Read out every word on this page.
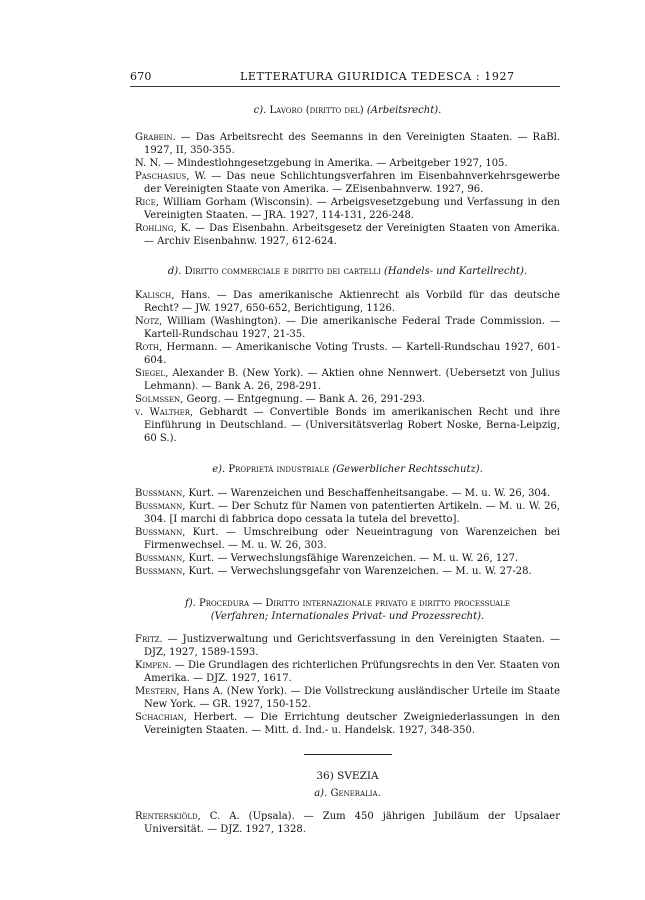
670	LETTERATURA GIURIDICA TEDESCA : 1927

c). Lavoro (diritto del) (Arbeitsrecht).

Grabein. — Das Arbeitsrecht des Seemanns in den Vereinigten Staaten. — RaBl. 1927, II, 350-355.

N. N. — Mindestlohngesetzgebung in Amerika. — Arbeitgeber 1927, 105.

Paschasius, W. — Das neue Schlichtungsverfahren im Eisenbahnverkehrsgewerbe der Vereinigten Staate von Amerika. — ZEisenbahnverw. 1927, 96.

Rice, William Gorham (Wisconsin). — Arbeigsvesetzgebung und Verfassung in den Vereinigten Staaten. — JRA. 1927, 114-131, 226-248.

Rohling, K. — Das Eisenbahn. Arbeitsgesetz der Vereinigten Staaten von Amerika. — Archiv Eisenbahnw. 1927, 612-624.

d). Diritto commerciale e diritto dei cartelli (Handels- und Kartellrecht).

Kalisch, Hans. — Das amerikanische Aktienrecht als Vorbild für das deutsche Recht? — JW. 1927, 650-652, Berichtigung, 1126.

Notz, William (Washington). — Die amerikanische Federal Trade Commission. — Kartell-Rundschau 1927, 21-35.

Roth, Hermann. — Amerikanische Voting Trusts. — Kartell-Rundschau 1927, 601-604.

Siegel, Alexander B. (New York). — Aktien ohne Nennwert. (Uebersetzt von Julius Lehmann). — Bank A. 26, 298-291.

Solmssen, Georg. — Entgegnung. — Bank A. 26, 291-293.

v. Walther, Gebhardt — Convertible Bonds im amerikanischen Recht und ihre Einführung in Deutschland. — (Universitätsverlag Robert Noske, Berna-Leipzig, 60 S.).

e). Proprietà industriale (Gewerblicher Rechtsschutz).

Bussmann, Kurt. — Warenzeichen und Beschaffenheitsangabe. — M. u. W. 26, 304.

Bussmann, Kurt. — Der Schutz für Namen von patentierten Artikeln. — M. u. W. 26, 304. [I marchi di fabbrica dopo cessata la tutela del brevetto].

Bussmann, Kurt. — Umschreibung oder Neueintragung von Warenzeichen bei Firmenwechsel. — M. u. W. 26, 303.

Bussmann, Kurt. — Verwechslungsfähige Warenzeichen. — M. u. W. 26, 127.

Bussmann, Kurt. — Verwechslungsgefahr von Warenzeichen. — M. u. W. 27-28.

f). Procedura — Diritto internazionale privato e diritto processuale
(Verfahren; Internationales Privat- und Prozessrecht).

Fritz. — Justizverwaltung und Gerichtsverfassung in den Vereinigten Staaten. — DJZ, 1927, 1589-1593.

Kimpen. — Die Grundlagen des richterlichen Prüfungsrechts in den Ver. Staaten von Amerika. — DJZ. 1927, 1617.

Mestern, Hans A. (New York). — Die Vollstreckung ausländischer Urteile im Staate New York. — GR. 1927, 150-152.

Schachian, Herbert. — Die Errichtung deutscher Zweigniederlassungen in den Vereinigten Staaten. — Mitt. d. Ind.- u. Handelsk. 1927, 348-350.

36) SVEZIA

a). Generalia.

Renterskiöld, C. A. (Upsala). — Zum 450 jährigen Jubiläum der Upsalaer Universität. — DJZ. 1927, 1328.
